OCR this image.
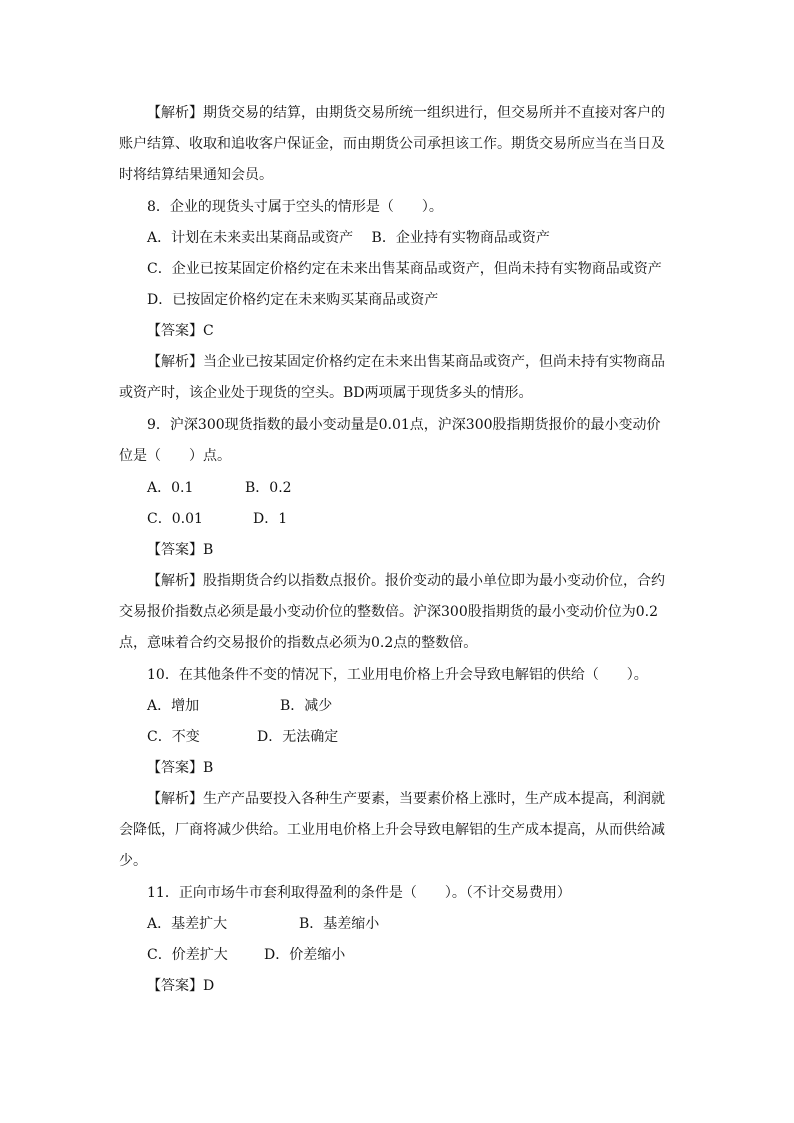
【解析】期货交易的结算，由期货交易所统一组织进行，但交易所并不直接对客户的
账户结算、收取和追收客户保证金，而由期货公司承担该工作。期货交易所应当在当日及
时将结算结果通知会员。
8．企业的现货头寸属于空头的情形是（　　）。
A．计划在未来卖出某商品或资产　 B．企业持有实物商品或资产
C．企业已按某固定价格约定在未来出售某商品或资产，但尚未持有实物商品或资产
D．已按固定价格约定在未来购买某商品或资产
【答案】C
【解析】当企业已按某固定价格约定在未来出售某商品或资产，但尚未持有实物商品
或资产时，该企业处于现货的空头。BD两项属于现货多头的情形。
9．沪深300现货指数的最小变动量是0.01点，沪深300股指期货报价的最小变动价
位是（　　）点。
A．0.1	B．0.2
C．0.01	D．1
【答案】B
【解析】股指期货合约以指数点报价。报价变动的最小单位即为最小变动价位，合约
交易报价指数点必须是最小变动价位的整数倍。沪深300股指期货的最小变动价位为0.2
点，意味着合约交易报价的指数点必须为0.2点的整数倍。
10．在其他条件不变的情况下，工业用电价格上升会导致电解铝的供给（　　）。
A．增加	B．减少
C．不变	D．无法确定
【答案】B
【解析】生产产品要投入各种生产要素，当要素价格上涨时，生产成本提高，利润就
会降低，厂商将减少供给。工业用电价格上升会导致电解铝的生产成本提高，从而供给减
少。
11．正向市场牛市套利取得盈利的条件是（　　）。（不计交易费用）
A．基差扩大	B．基差缩小
C．价差扩大	D．价差缩小
【答案】D
